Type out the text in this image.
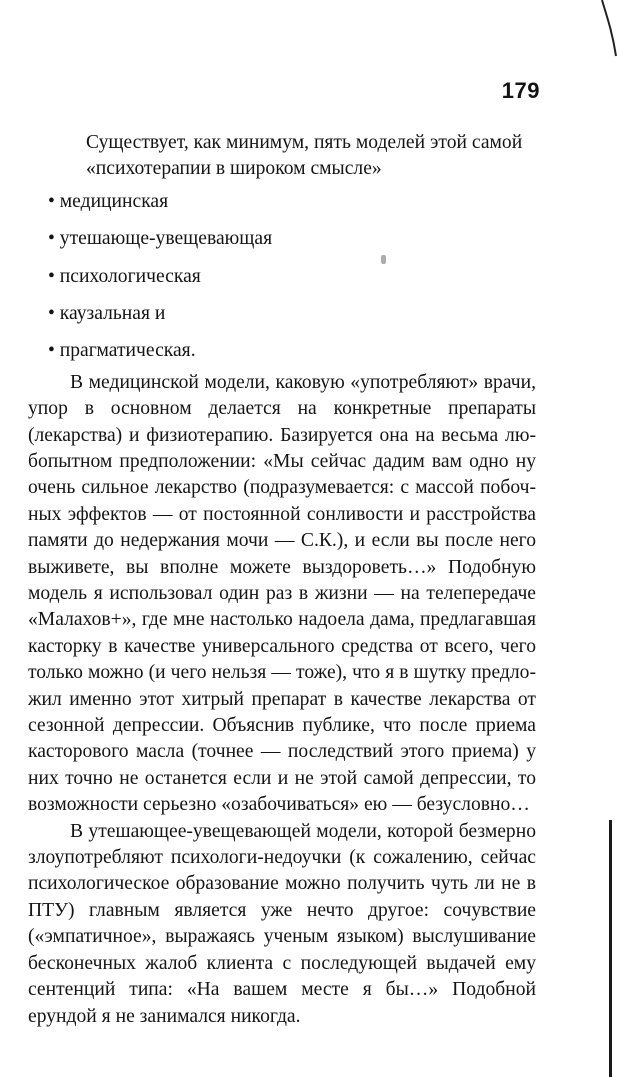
179

Существует, как минимум, пять моделей этой самой «психотерапии в широком смысле»

• медицинская
• утешающе-увещевающая
• психологическая
• каузальная и
• прагматическая.

В медицинской модели, каковую «употребляют» врачи, упор в основном делается на конкретные препараты (лекарства) и физиотерапию. Базируется она на весьма любопытном предположении: «Мы сейчас дадим вам одно ну очень сильное лекарство (подразумевается: с массой побочных эффектов — от постоянной сонливости и расстройства памяти до недержания мочи — С.К.), и если вы после него выживете, вы вполне можете выздороветь…» Подобную модель я использовал один раз в жизни — на телепередаче «Малахов+», где мне настолько надоела дама, предлагавшая касторку в качестве универсального средства от всего, чего только можно (и чего нельзя — тоже), что я в шутку предложил именно этот хитрый препарат в качестве лекарства от сезонной депрессии. Объяснив публике, что после приема касторового масла (точнее — последствий этого приема) у них точно не останется если и не этой самой депрессии, то возможности серьезно «озабочиваться» ею — безусловно…

В утешающее-увещевающей модели, которой безмерно злоупотребляют психологи-недоучки (к сожалению, сейчас психологическое образование можно получить чуть ли не в ПТУ) главным является уже нечто другое: сочувствие («эмпатичное», выражаясь ученым языком) выслушивание бесконечных жалоб клиента с последующей выдачей ему сентенций типа: «На вашем месте я бы…» Подобной ерундой я не занимался никогда.
